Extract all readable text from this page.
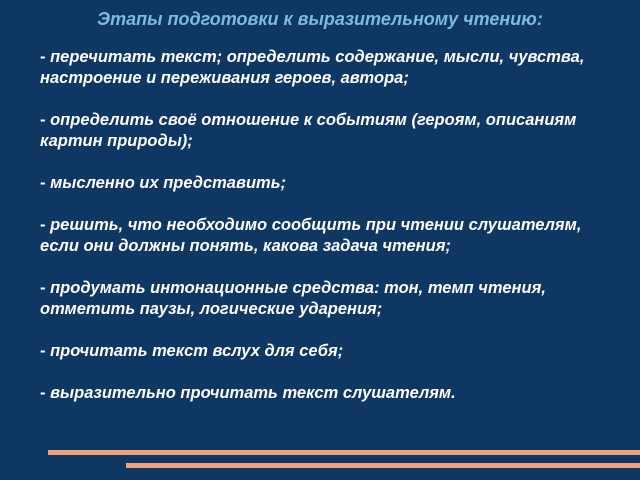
Этапы подготовки к выразительному чтению:
- перечитать текст; определить содержание, мысли, чувства, настроение и переживания героев, автора;
- определить своё отношение к событиям (героям, описаниям картин природы);
- мысленно их представить;
- решить, что необходимо сообщить при чтении слушателям, если они должны понять, какова задача чтения;
- продумать интонационные средства: тон, темп чтения, отметить паузы, логические ударения;
- прочитать текст вслух для себя;
- выразительно прочитать текст слушателям.
